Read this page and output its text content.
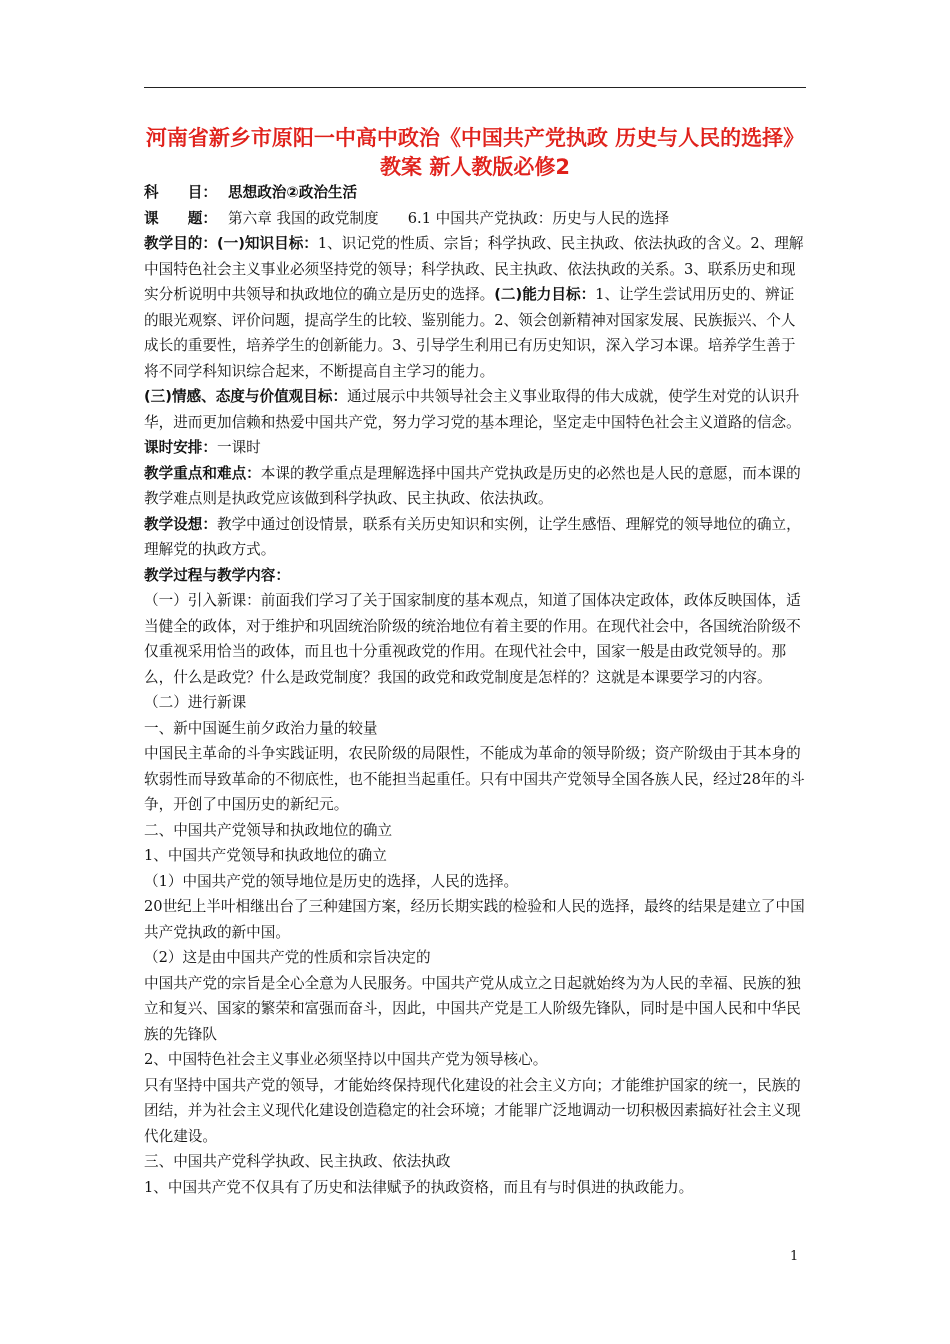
河南省新乡市原阳一中高中政治《中国共产党执政 历史与人民的选择》教案 新人教版必修2

科　　目： 思想政治②政治生活

课　　题： 第六章 我国的政党制度　　6.1 中国共产党执政：历史与人民的选择

教学目的：(一)知识目标：1、识记党的性质、宗旨；科学执政、民主执政、依法执政的含义。2、理解中国特色社会主义事业必须坚持党的领导；科学执政、民主执政、依法执政的关系。3、联系历史和现实分析说明中共领导和执政地位的确立是历史的选择。(二)能力目标：1、让学生尝试用历史的、辨证的眼光观察、评价问题，提高学生的比较、鉴别能力。2、领会创新精神对国家发展、民族振兴、个人成长的重要性，培养学生的创新能力。3、引导学生利用已有历史知识，深入学习本课。培养学生善于将不同学科知识综合起来，不断提高自主学习的能力。

(三)情感、态度与价值观目标：通过展示中共领导社会主义事业取得的伟大成就，使学生对党的认识升华，进而更加信赖和热爱中国共产党，努力学习党的基本理论，坚定走中国特色社会主义道路的信念。

课时安排：一课时

教学重点和难点：本课的教学重点是理解选择中国共产党执政是历史的必然也是人民的意愿，而本课的教学难点则是执政党应该做到科学执政、民主执政、依法执政。

教学设想：教学中通过创设情景，联系有关历史知识和实例，让学生感悟、理解党的领导地位的确立，理解党的执政方式。

教学过程与教学内容：

（一）引入新课：前面我们学习了关于国家制度的基本观点，知道了国体决定政体，政体反映国体，适当健全的政体，对于维护和巩固统治阶级的统治地位有着主要的作用。在现代社会中，各国统治阶级不仅重视采用恰当的政体，而且也十分重视政党的作用。在现代社会中，国家一般是由政党领导的。那么，什么是政党？什么是政党制度？我国的政党和政党制度是怎样的？这就是本课要学习的内容。

（二）进行新课

一、新中国诞生前夕政治力量的较量

中国民主革命的斗争实践证明，农民阶级的局限性，不能成为革命的领导阶级；资产阶级由于其本身的软弱性而导致革命的不彻底性，也不能担当起重任。只有中国共产党领导全国各族人民，经过28年的斗争，开创了中国历史的新纪元。

二、中国共产党领导和执政地位的确立

1、中国共产党领导和执政地位的确立

（1）中国共产党的领导地位是历史的选择，人民的选择。

20世纪上半叶相继出台了三种建国方案，经历长期实践的检验和人民的选择，最终的结果是建立了中国共产党执政的新中国。

（2）这是由中国共产党的性质和宗旨决定的

中国共产党的宗旨是全心全意为人民服务。中国共产党从成立之日起就始终为为人民的幸福、民族的独立和复兴、国家的繁荣和富强而奋斗，因此，中国共产党是工人阶级先锋队，同时是中国人民和中华民族的先锋队

2、中国特色社会主义事业必须坚持以中国共产党为领导核心。

只有坚持中国共产党的领导，才能始终保持现代化建设的社会主义方向；才能维护国家的统一，民族的团结，并为社会主义现代化建设创造稳定的社会环境；才能罪广泛地调动一切积极因素搞好社会主义现代化建设。

三、中国共产党科学执政、民主执政、依法执政

1、中国共产党不仅具有了历史和法律赋予的执政资格，而且有与时俱进的执政能力。

1
